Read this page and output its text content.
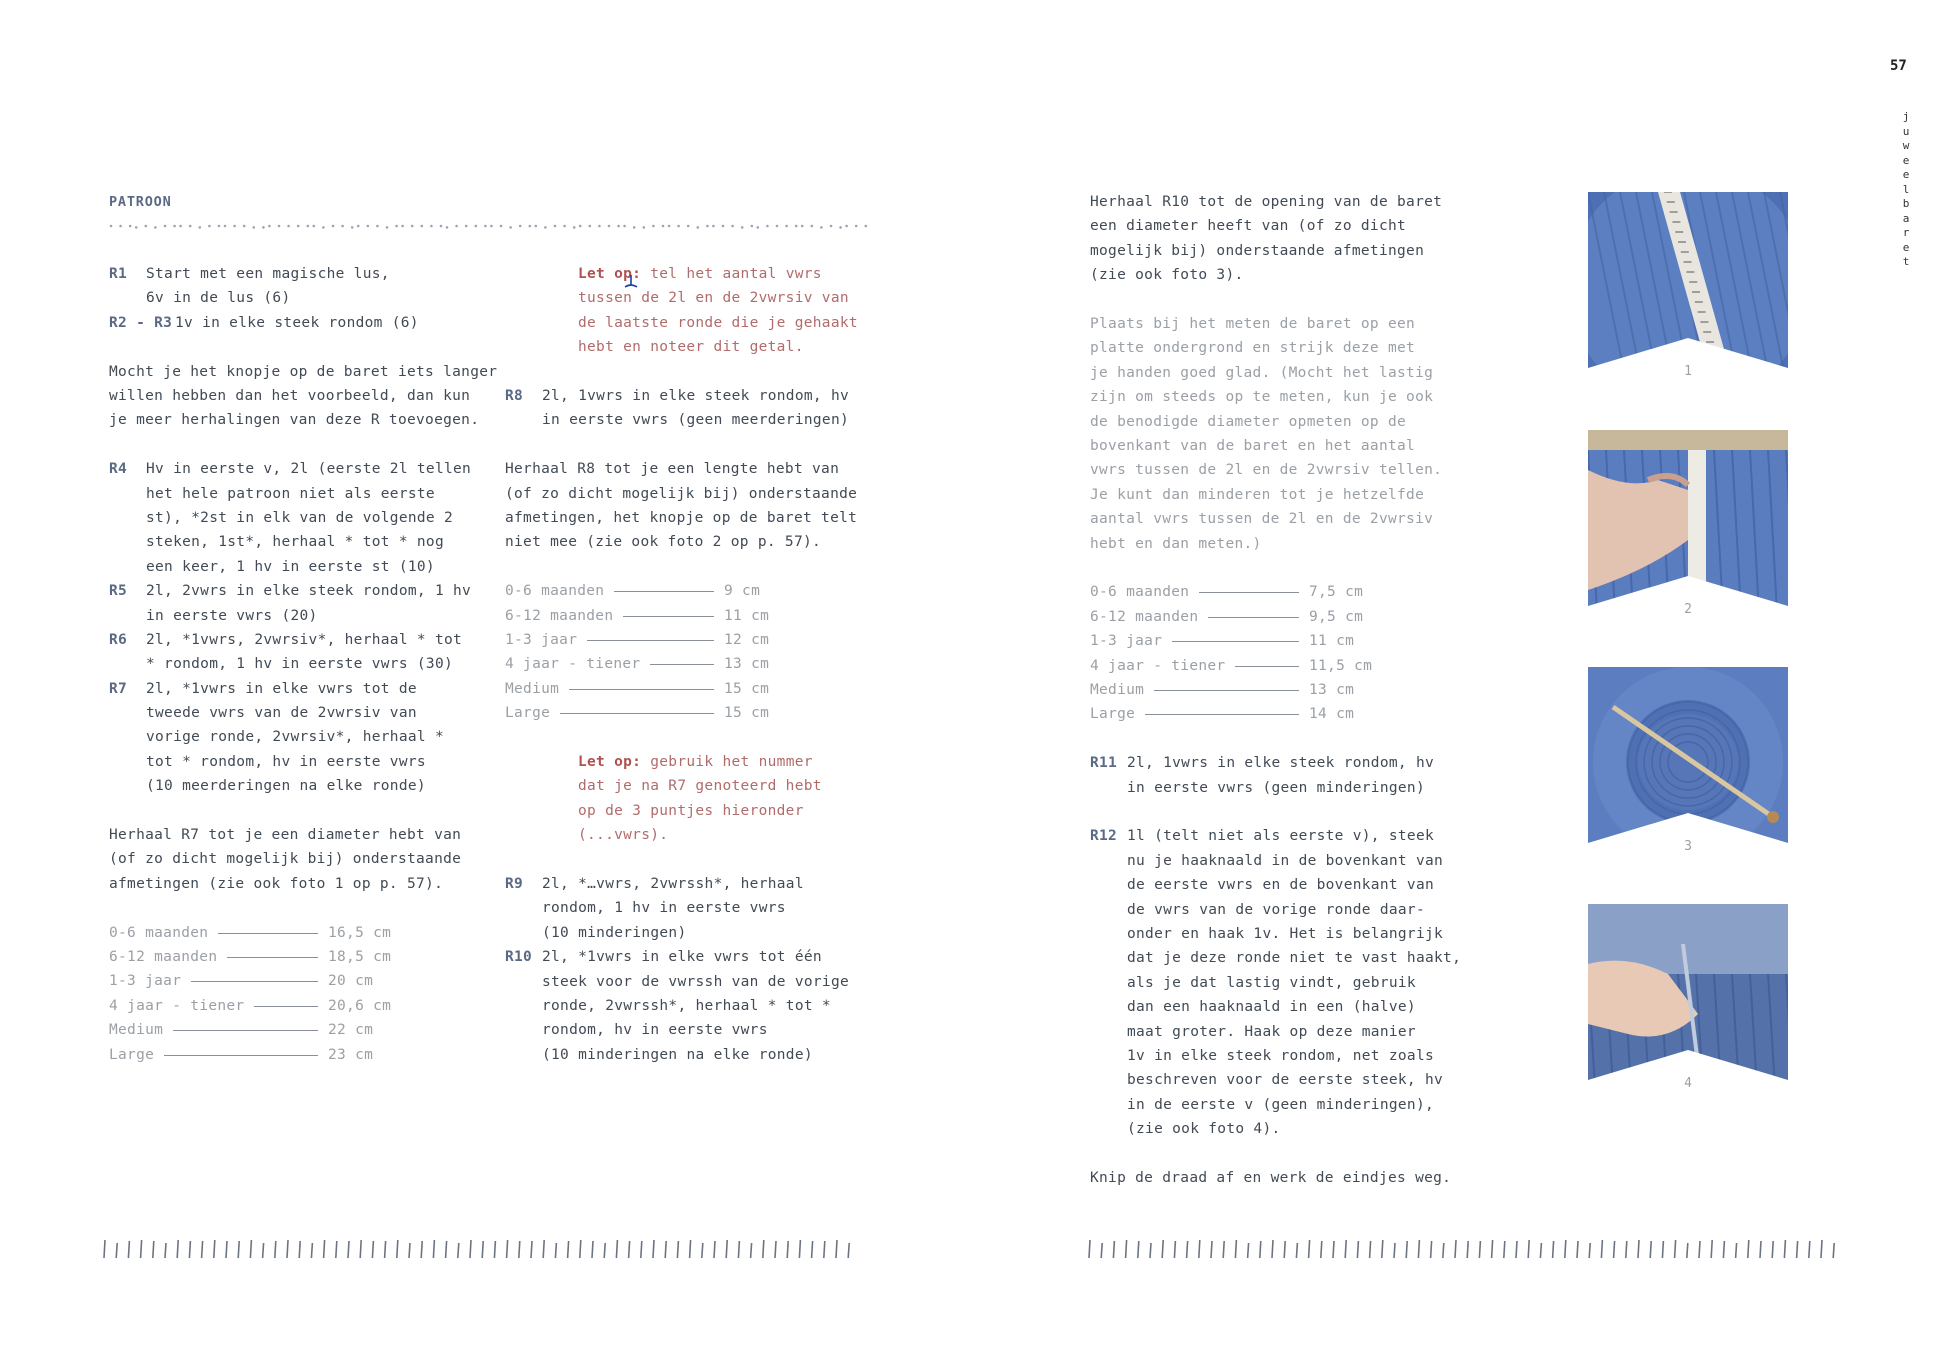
57
j
u
w
e
e
l
b
a
r
e
t
PATROON
R1 Start met een magische lus,
6v in de lus (6)
R2 - R3 1v in elke steek rondom (6)
Mocht je het knopje op de baret iets langer
willen hebben dan het voorbeeld, dan kun
je meer herhalingen van deze R toevoegen.
R4 Hv in eerste v, 2l (eerste 2l tellen
het hele patroon niet als eerste
st), *2st in elk van de volgende 2
steken, 1st*, herhaal * tot * nog
een keer, 1 hv in eerste st (10)
R5 2l, 2vwrs in elke steek rondom, 1 hv
in eerste vwrs (20)
R6 2l, *1vwrs, 2vwrsiv*, herhaal * tot
* rondom, 1 hv in eerste vwrs (30)
R7 2l, *1vwrs in elke vwrs tot de
tweede vwrs van de 2vwrsiv van
vorige ronde, 2vwrsiv*, herhaal *
tot * rondom, hv in eerste vwrs
(10 meerderingen na elke ronde)
Herhaal R7 tot je een diameter hebt van
(of zo dicht mogelijk bij) onderstaande
afmetingen (zie ook foto 1 op p. 57).
0-6 maanden	16,5 cm
6-12 maanden	18,5 cm
1-3 jaar	20 cm
4 jaar - tiener	20,6 cm
Medium	22 cm
Large	23 cm
Let op: tel het aantal vwrs
tussen de 2l en de 2vwrsiv van
de laatste ronde die je gehaakt
hebt en noteer dit getal.
R8 2l, 1vwrs in elke steek rondom, hv
in eerste vwrs (geen meerderingen)
Herhaal R8 tot je een lengte hebt van
(of zo dicht mogelijk bij) onderstaande
afmetingen, het knopje op de baret telt
niet mee (zie ook foto 2 op p. 57).
0-6 maanden	9 cm
6-12 maanden	11 cm
1-3 jaar	12 cm
4 jaar - tiener	13 cm
Medium	15 cm
Large	15 cm
Let op: gebruik het nummer
dat je na R7 genoteerd hebt
op de 3 puntjes hieronder
(...vwrs).
R9 2l, *…vwrs, 2vwrssh*, herhaal
rondom, 1 hv in eerste vwrs
(10 minderingen)
R10 2l, *1vwrs in elke vwrs tot één
steek voor de vwrssh van de vorige
ronde, 2vwrssh*, herhaal * tot *
rondom, hv in eerste vwrs
(10 minderingen na elke ronde)
Herhaal R10 tot de opening van de baret
een diameter heeft van (of zo dicht
mogelijk bij) onderstaande afmetingen
(zie ook foto 3).
Plaats bij het meten de baret op een
platte ondergrond en strijk deze met
je handen goed glad. (Mocht het lastig
zijn om steeds op te meten, kun je ook
de benodigde diameter opmeten op de
bovenkant van de baret en het aantal
vwrs tussen de 2l en de 2vwrsiv tellen.
Je kunt dan minderen tot je hetzelfde
aantal vwrs tussen de 2l en de 2vwrsiv
hebt en dan meten.)
0-6 maanden	7,5 cm
6-12 maanden	9,5 cm
1-3 jaar	11 cm
4 jaar - tiener	11,5 cm
Medium	13 cm
Large	14 cm
R11 2l, 1vwrs in elke steek rondom, hv
in eerste vwrs (geen minderingen)
R12 1l (telt niet als eerste v), steek
nu je haaknaald in de bovenkant van
de eerste vwrs en de bovenkant van
de vwrs van de vorige ronde daar-
onder en haak 1v. Het is belangrijk
dat je deze ronde niet te vast haakt,
als je dat lastig vindt, gebruik
dan een haaknaald in een (halve)
maat groter. Haak op deze manier
1v in elke steek rondom, net zoals
beschreven voor de eerste steek, hv
in de eerste v (geen minderingen),
(zie ook foto 4).
Knip de draad af en werk de eindjes weg.
1
2
3
4
